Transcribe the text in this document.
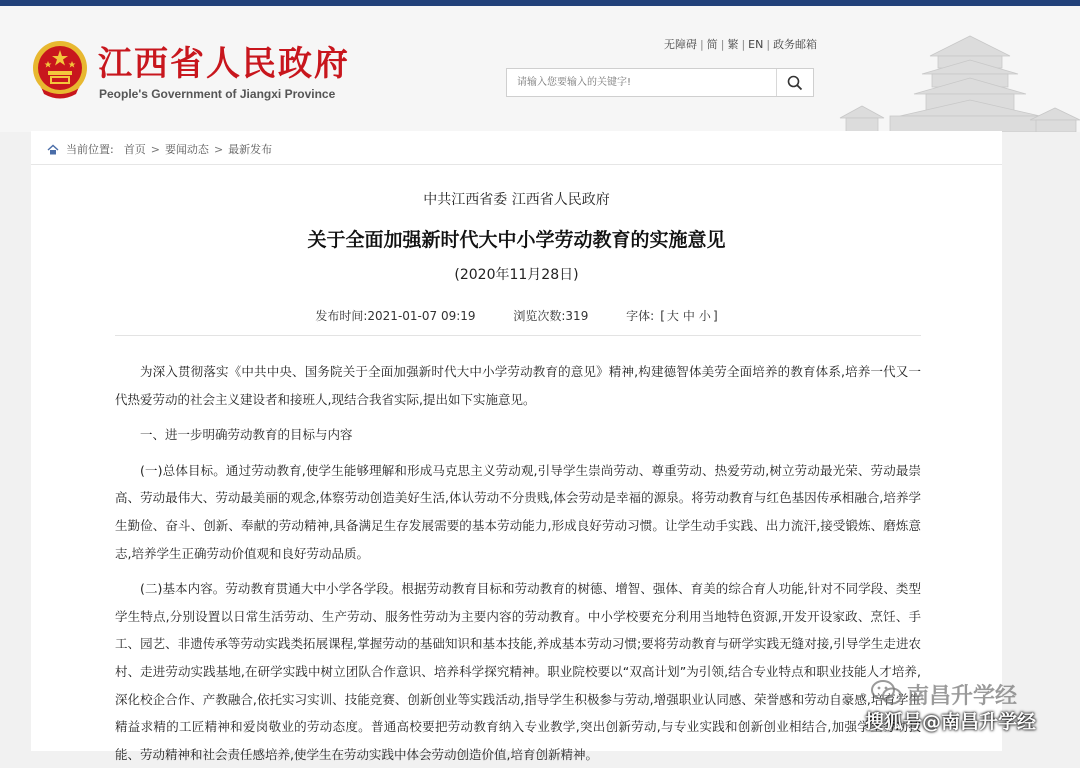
江西省人民政府
People's Government of Jiangxi Province
无障碍 | 简 | 繁 | EN | 政务邮箱
请输入您要输入的关键字!
当前位置: 首页 > 要闻动态 > 最新发布
中共江西省委 江西省人民政府
关于全面加强新时代大中小学劳动教育的实施意见
(2020年11月28日)
发布时间:2021-01-07 09:19	浏览次数:319	字体: [ 大 中 小 ]

为深入贯彻落实《中共中央、国务院关于全面加强新时代大中小学劳动教育的意见》精神,构建德智体美劳全面培养的教育体系,培养一代又一代热爱劳动的社会主义建设者和接班人,现结合我省实际,提出如下实施意见。

一、进一步明确劳动教育的目标与内容

(一)总体目标。通过劳动教育,使学生能够理解和形成马克思主义劳动观,引导学生崇尚劳动、尊重劳动、热爱劳动,树立劳动最光荣、劳动最崇高、劳动最伟大、劳动最美丽的观念,体察劳动创造美好生活,体认劳动不分贵贱,体会劳动是幸福的源泉。将劳动教育与红色基因传承相融合,培养学生勤俭、奋斗、创新、奉献的劳动精神,具备满足生存发展需要的基本劳动能力,形成良好劳动习惯。让学生动手实践、出力流汗,接受锻炼、磨炼意志,培养学生正确劳动价值观和良好劳动品质。

(二)基本内容。劳动教育贯通大中小学各学段。根据劳动教育目标和劳动教育的树德、增智、强体、育美的综合育人功能,针对不同学段、类型学生特点,分别设置以日常生活劳动、生产劳动、服务性劳动为主要内容的劳动教育。中小学校要充分利用当地特色资源,开发开设家政、烹饪、手工、园艺、非遗传承等劳动实践类拓展课程,掌握劳动的基础知识和基本技能,养成基本劳动习惯;要将劳动教育与研学实践无缝对接,引导学生走进农村、走进劳动实践基地,在研学实践中树立团队合作意识、培养科学探究精神。职业院校要以“双高计划”为引领,结合专业特点和职业技能人才培养,深化校企合作、产教融合,依托实习实训、技能竞赛、创新创业等实践活动,指导学生积极参与劳动,增强职业认同感、荣誉感和劳动自豪感,培育学生精益求精的工匠精神和爱岗敬业的劳动态度。普通高校要把劳动教育纳入专业教学,突出创新劳动,与专业实践和创新创业相结合,加强学生劳动技能、劳动精神和社会责任感培养,使学生在劳动实践中体会劳动创造价值,培育创新精神。

南昌升学经
搜狐号@南昌升学经
